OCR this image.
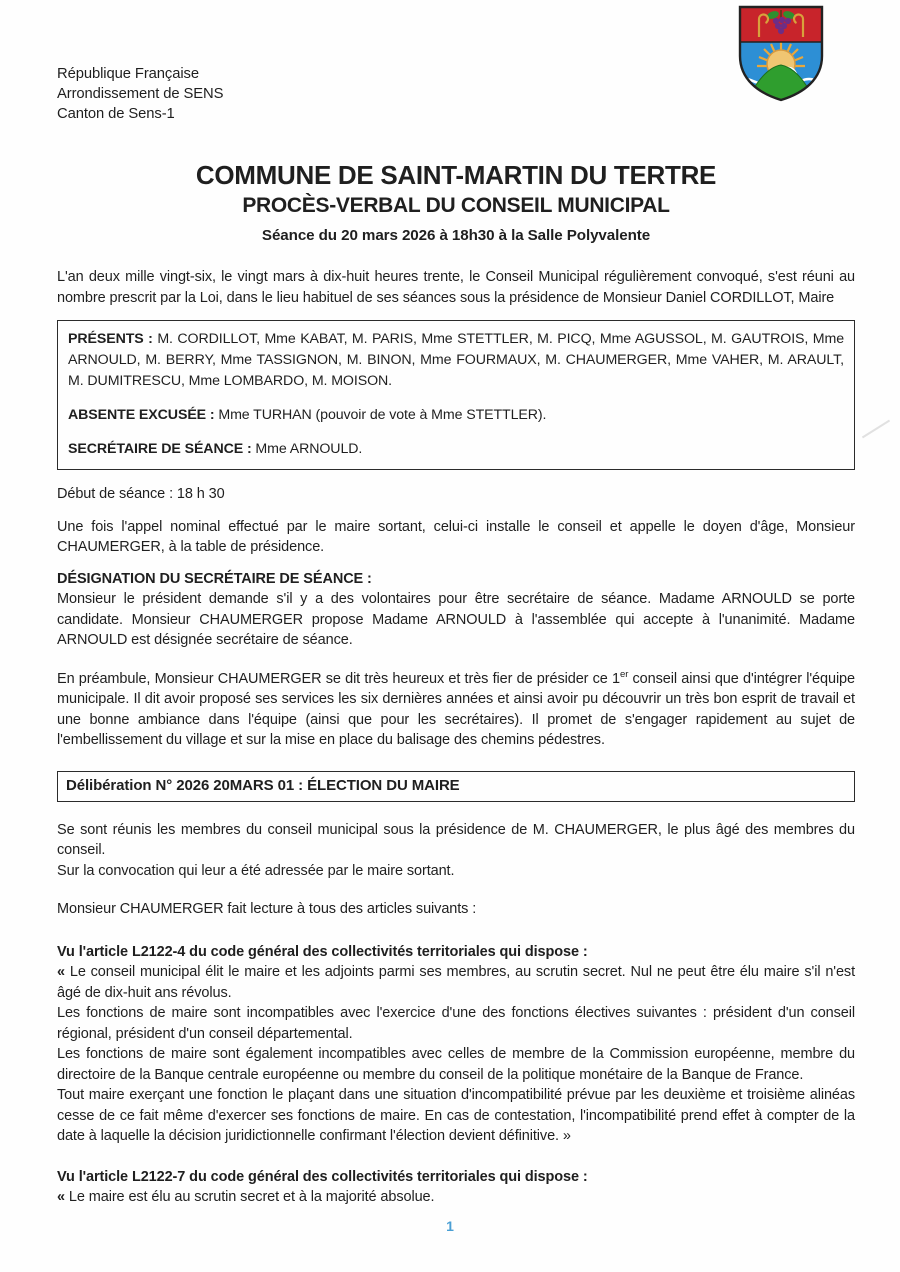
République Française
Arrondissement de SENS
Canton de Sens-1
COMMUNE DE SAINT-MARTIN DU TERTRE
PROCÈS-VERBAL DU CONSEIL MUNICIPAL
Séance du 20 mars 2026 à 18h30 à la Salle Polyvalente

L'an deux mille vingt-six, le vingt mars à dix-huit heures trente, le Conseil Municipal régulièrement convoqué, s'est réuni au nombre prescrit par la Loi, dans le lieu habituel de ses séances sous la présidence de Monsieur Daniel CORDILLOT, Maire

PRÉSENTS : M. CORDILLOT, Mme KABAT, M. PARIS, Mme STETTLER, M. PICQ, Mme AGUSSOL, M. GAUTROIS, Mme ARNOULD, M. BERRY, Mme TASSIGNON, M. BINON, Mme FOURMAUX, M. CHAUMERGER, Mme VAHER, M. ARAULT, M. DUMITRESCU, Mme LOMBARDO, M. MOISON.

ABSENTE EXCUSÉE : Mme TURHAN (pouvoir de vote à Mme STETTLER).

SECRÉTAIRE DE SÉANCE : Mme ARNOULD.

Début de séance : 18 h 30

Une fois l'appel nominal effectué par le maire sortant, celui-ci installe le conseil et appelle le doyen d'âge, Monsieur CHAUMERGER, à la table de présidence.

DÉSIGNATION DU SECRÉTAIRE DE SÉANCE :

Monsieur le président demande s'il y a des volontaires pour être secrétaire de séance. Madame ARNOULD se porte candidate. Monsieur CHAUMERGER propose Madame ARNOULD à l'assemblée qui accepte à l'unanimité. Madame ARNOULD est désignée secrétaire de séance.

En préambule, Monsieur CHAUMERGER se dit très heureux et très fier de présider ce 1er conseil ainsi que d'intégrer l'équipe municipale. Il dit avoir proposé ses services les six dernières années et ainsi avoir pu découvrir un très bon esprit de travail et une bonne ambiance dans l'équipe (ainsi que pour les secrétaires). Il promet de s'engager rapidement au sujet de l'embellissement du village et sur la mise en place du balisage des chemins pédestres.

Délibération N° 2026 20MARS 01 : ÉLECTION DU MAIRE

Se sont réunis les membres du conseil municipal sous la présidence de M. CHAUMERGER, le plus âgé des membres du conseil.

Sur la convocation qui leur a été adressée par le maire sortant.

Monsieur CHAUMERGER fait lecture à tous des articles suivants :

Vu l'article L2122-4 du code général des collectivités territoriales qui dispose :

« Le conseil municipal élit le maire et les adjoints parmi ses membres, au scrutin secret. Nul ne peut être élu maire s'il n'est âgé de dix-huit ans révolus.

Les fonctions de maire sont incompatibles avec l'exercice d'une des fonctions électives suivantes : président d'un conseil régional, président d'un conseil départemental.

Les fonctions de maire sont également incompatibles avec celles de membre de la Commission européenne, membre du directoire de la Banque centrale européenne ou membre du conseil de la politique monétaire de la Banque de France.

Tout maire exerçant une fonction le plaçant dans une situation d'incompatibilité prévue par les deuxième et troisième alinéas cesse de ce fait même d'exercer ses fonctions de maire. En cas de contestation, l'incompatibilité prend effet à compter de la date à laquelle la décision juridictionnelle confirmant l'élection devient définitive. »

Vu l'article L2122-7 du code général des collectivités territoriales qui dispose :

« Le maire est élu au scrutin secret et à la majorité absolue.

1
